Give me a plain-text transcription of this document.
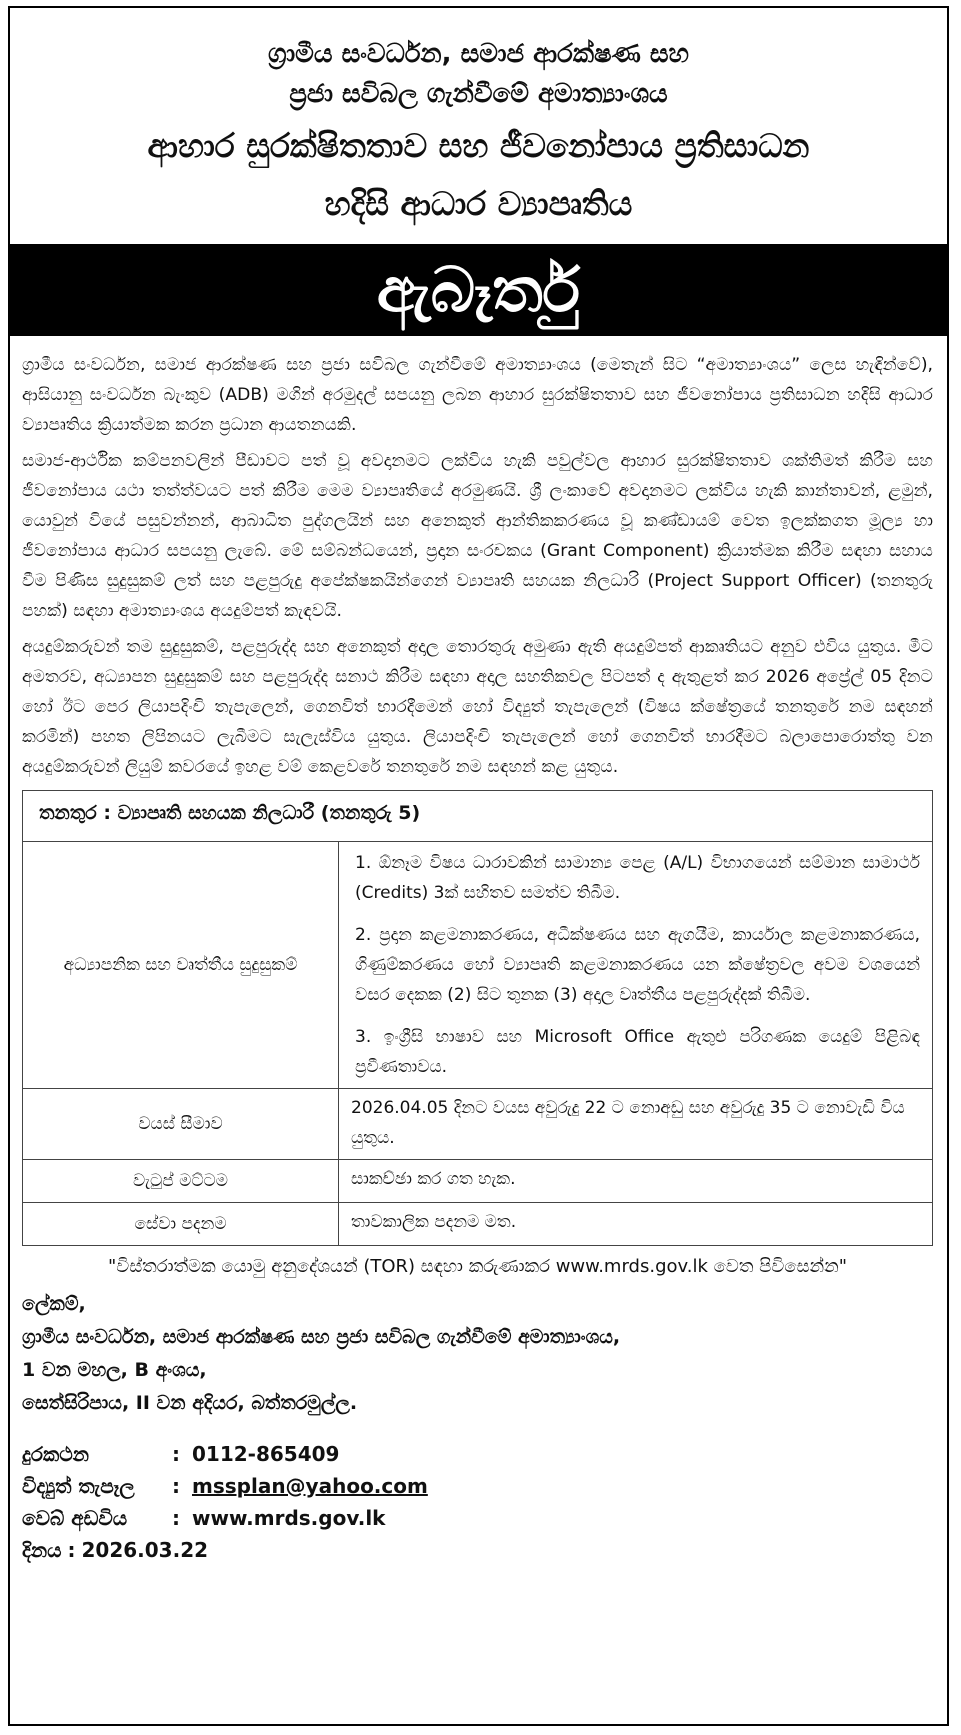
ග්‍රාමීය සංවර්ධන, සමාජ ආරක්ෂණ සහ
ප්‍රජා සවිබල ගැන්වීමේ අමාත්‍යාංශය
ආහාර සුරක්ෂිතතාව සහ ජීවනෝපාය ප්‍රතිසාධන
හදිසි ආධාර ව්‍යාපෘතිය
ඇබෑර්තු

ග්‍රාමීය සංවර්ධන, සමාජ ආරක්ෂණ සහ ප්‍රජා සවිබල ගැන්වීමේ අමාත්‍යාංශය (මෙතැන් සිට “අමාත්‍යාංශය” ලෙස හැඳින්වේ), ආසියානු සංවර්ධන බැංකුව (ADB) මගින් අරමුදල් සපයනු ලබන ආහාර සුරක්ෂිතතාව සහ ජීවනෝපාය ප්‍රතිසාධන හදිසි ආධාර ව්‍යාපෘතිය ක්‍රියාත්මක කරන ප්‍රධාන ආයතනයකි.

සමාජ-ආර්ථික කම්පනවලින් පීඩාවට පත් වූ අවදානමට ලක්විය හැකි පවුල්වල ආහාර සුරක්ෂිතතාව ශක්තිමත් කිරීම සහ ජීවනෝපාය යථා තත්ත්වයට පත් කිරීම මෙම ව්‍යාපෘතියේ අරමුණයි. ශ්‍රී ලංකාවේ අවදානමට ලක්විය හැකි කාන්තාවන්, ළමුන්, යොවුන් වියේ පසුවන්නන්, ආබාධිත පුද්ගලයින් සහ අනෙකුත් ආන්තිකකරණය වූ කණ්ඩායම් වෙත ඉලක්කගත මූල්‍ය හා ජීවනෝපාය ආධාර සපයනු ලැබේ. මේ සම්බන්ධයෙන්, ප්‍රදාන සංරචකය (Grant Component) ක්‍රියාත්මක කිරීම සඳහා සහාය වීම පිණිස සුදුසුකම් ලත් සහ පළපුරුදු අපේක්ෂකයින්ගෙන් ව්‍යාපෘති සහයක නිලධාරි (Project Support Officer) (තනතුරු පහක්) සඳහා අමාත්‍යාංශය අයදුම්පත් කැඳවයි.

අයදුම්කරුවන් තම සුදුසුකම්, පළපුරුද්ද සහ අනෙකුත් අදාල තොරතුරු අමුණා ඇති අයදුම්පත් ආකෘතියට අනුව එවිය යුතුය. මීට අමතරව, අධ්‍යාපන සුදුසුකම් සහ පළපුරුද්ද සනාථ කිරීම සඳහා අදාල සහතිකවල පිටපත් ද ඇතුළත් කර 2026 අප්‍රේල් 05 දිනට හෝ ඊට පෙර ලියාපදිංචි තැපැලෙන්, ගෙනවිත් භාරදීමෙන් හෝ විද්‍යුත් තැපැලෙන් (විෂය ක්ෂේත්‍රයේ තනතුරේ නම සඳහන් කරමින්) පහත ලිපිනයට ලැබීමට සැලැස්විය යුතුය. ලියාපදිංචි තැපැලෙන් හෝ ගෙනවිත් භාරදීමට බලාපොරොත්තු වන අයදුම්කරුවන් ලියුම් කවරයේ ඉහළ වම් කෙළවරේ තනතුරේ නම සඳහන් කළ යුතුය.

තනතුර : ව්‍යාපෘති සහයක නිලධාරී (තනතුරු 5)	
අධ්‍යාපනික සහ වෘත්තීය සුදුසුකම්	1. ඕනෑම විෂය ධාරාවකින් සාමාන්‍ය පෙළ (A/L) විභාගයෙන් සම්මාන සාමාර්ථ (Credits) 3ක් සහිතව සමත්ව තිබීම.
2. ප්‍රදාන කළමනාකරණය, අධීක්ෂණය සහ ඇගයීම, කාර්යාල කළමනාකරණය, ගිණුම්කරණය හෝ ව්‍යාපෘති කළමනාකරණය යන ක්ෂේත්‍රවල අවම වශයෙන් වසර දෙකක (2) සිට තුනක (3) අදාල වෘත්තීය පළපුරුද්දක් තිබීම.
3. ඉංග්‍රීසි භාෂාව සහ Microsoft Office ඇතුළු පරිගණක යෙදුම් පිළිබඳ ප්‍රවීණතාවය.

වයස් සීමාව	2026.04.05 දිනට වයස අවුරුදු 22 ට නොඅඩු සහ අවුරුදු 35 ට නොවැඩි විය යුතුය.
වැටුප් මට්ටම	සාකච්ඡා කර ගත හැක.
සේවා පදනම	තාවකාලික පදනම මත.
"විස්තරාත්මක යොමු අනුදේශයන් (TOR) සඳහා කරුණාකර www.mrds.gov.lk වෙත පිවිසෙන්න"
ලේකම්,
ග්‍රාමීය සංවර්ධන, සමාජ ආරක්ෂණ සහ ප්‍රජා සවිබල ගැන්වීමේ අමාත්‍යාංශය,
1 වන මහල, B අංශය,
සෙත්සිරිපාය, II වන අදියර, බත්තරමුල්ල.
දුරකථන	: 0112-865409
විද්‍යුත් තැපෑල	: mssplan@yahoo.com
වෙබ් අඩවිය	: www.mrds.gov.lk
දිනය : 2026.03.22
